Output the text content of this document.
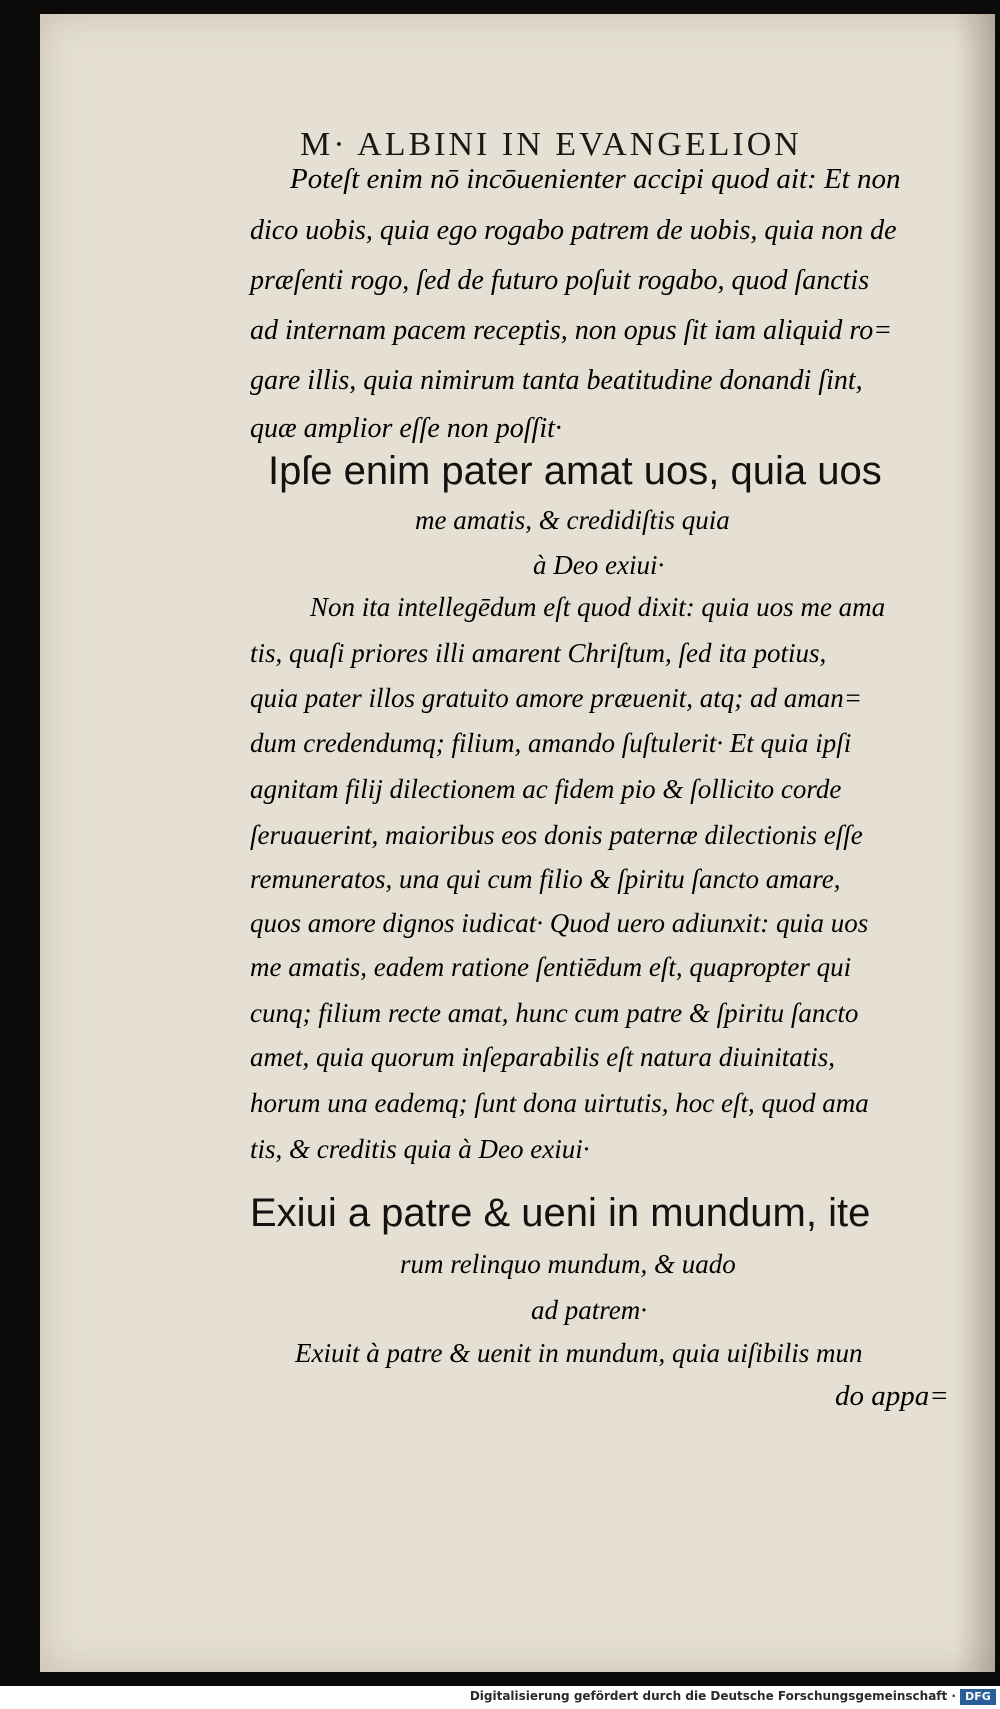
M· ALBINI IN EVANGELION
Poteſt enim nō incōuenienter accipi quod ait: Et non
dico uobis, quia ego rogabo patrem de uobis, quia non de
præſenti rogo, ſed de futuro poſuit rogabo, quod ſanctis
ad internam pacem receptis, non opus ſit iam aliquid ro=
gare illis, quia nimirum tanta beatitudine donandi ſint,
quæ amplior eſſe non poſſit·
Ipſe enim pater amat uos, quia uos
me amatis, & credidiſtis quia
à Deo exiui·
Non ita intellegēdum eſt quod dixit: quia uos me ama
tis, quaſi priores illi amarent Chriſtum, ſed ita potius,
quia pater illos gratuito amore præuenit, atq; ad aman=
dum credendumq; filium, amando ſuſtulerit· Et quia ipſi
agnitam filij dilectionem ac fidem pio & ſollicito corde
ſeruauerint, maioribus eos donis paternæ dilectionis eſſe
remuneratos, una qui cum filio & ſpiritu ſancto amare,
quos amore dignos iudicat· Quod uero adiunxit: quia uos
me amatis, eadem ratione ſentiēdum eſt, quapropter qui
cunq; filium recte amat, hunc cum patre & ſpiritu ſancto
amet, quia quorum inſeparabilis eſt natura diuinitatis,
horum una eademq; ſunt dona uirtutis, hoc eſt, quod ama
tis, & creditis quia à Deo exiui·
Exiui a patre & ueni in mundum, ite
rum relinquo mundum, & uado
ad patrem·
Exiuit à patre & uenit in mundum, quia uiſibilis mun
do appa=
Digitalisierung gefördert durch die Deutsche Forschungsgemeinschaft · DFG
